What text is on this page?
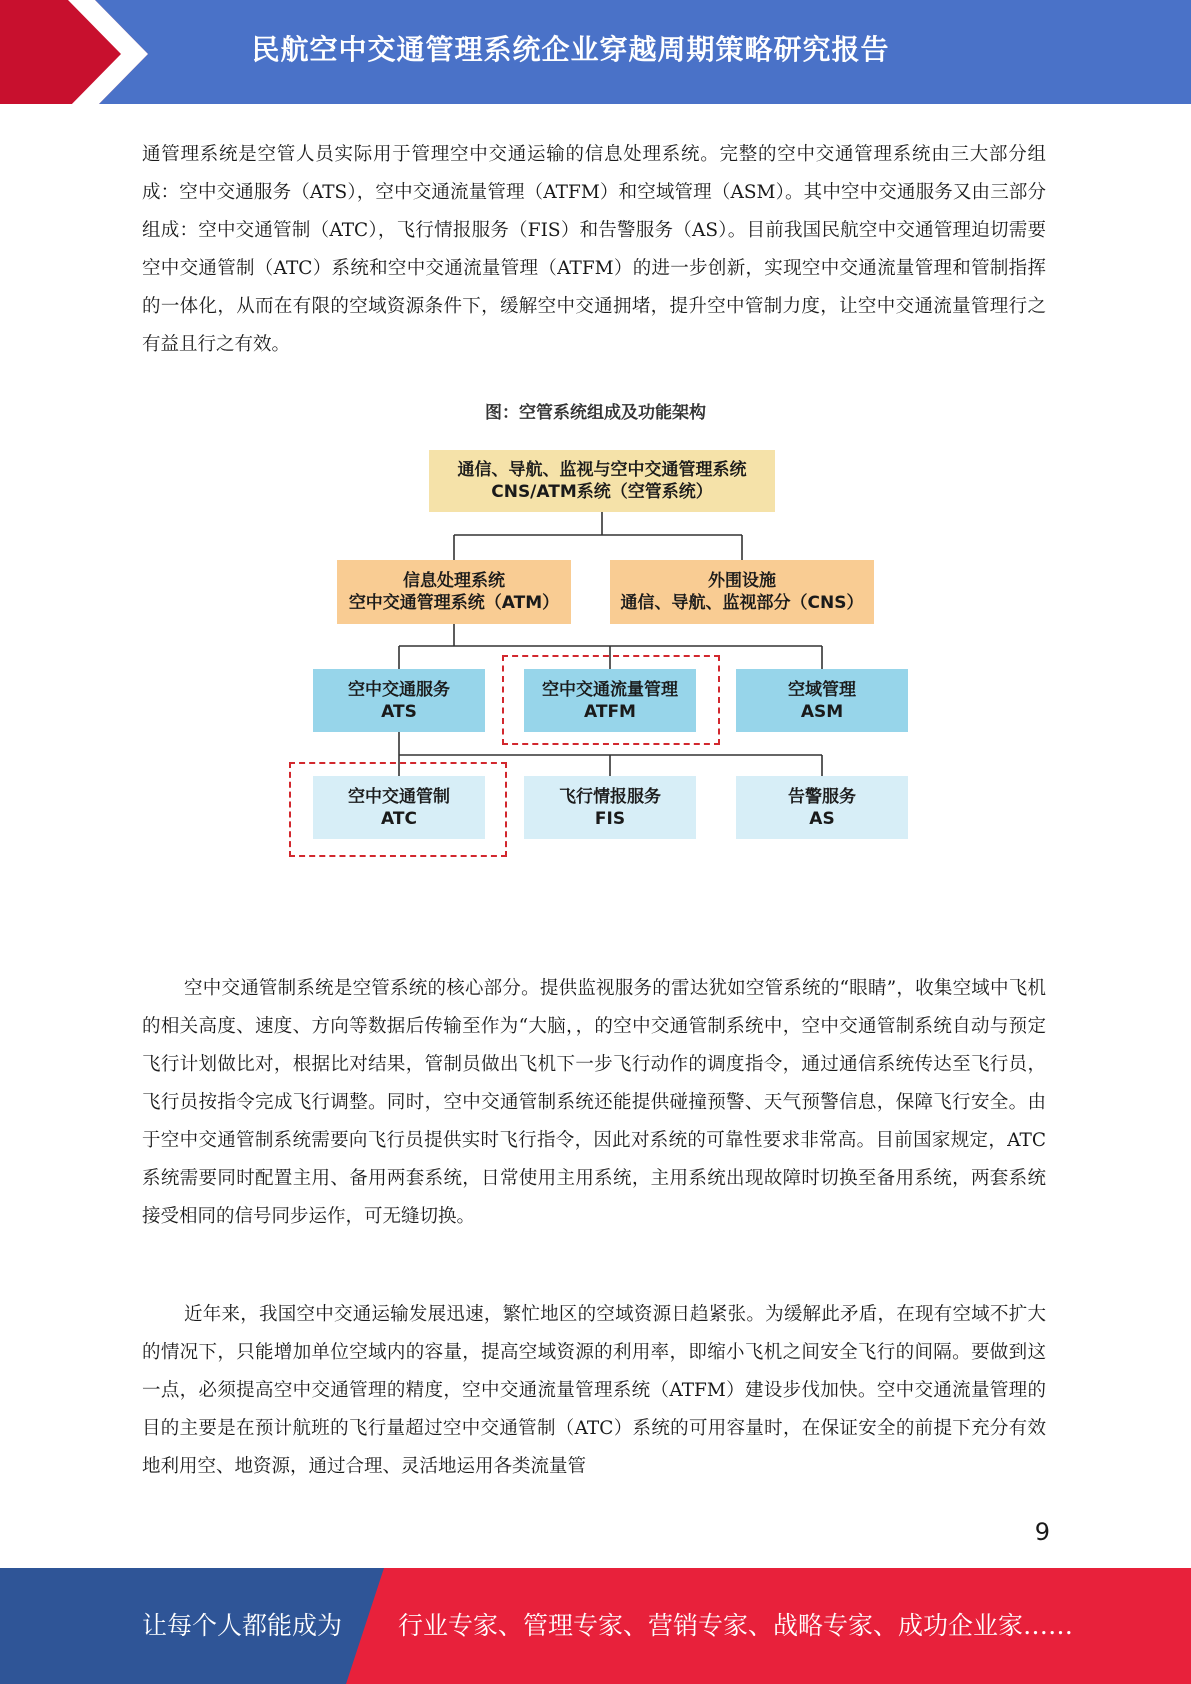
民航空中交通管理系统企业穿越周期策略研究报告

通管理系统是空管人员实际用于管理空中交通运输的信息处理系统。完整的空中交通管理系统由三大部分组成：空中交通服务（ATS），空中交通流量管理（ATFM）和空域管理（ASM）。其中空中交通服务又由三部分组成：空中交通管制（ATC），飞行情报服务（FIS）和告警服务（AS）。目前我国民航空中交通管理迫切需要空中交通管制（ATC）系统和空中交通流量管理（ATFM）的进一步创新，实现空中交通流量管理和管制指挥的一体化，从而在有限的空域资源条件下，缓解空中交通拥堵，提升空中管制力度，让空中交通流量管理行之有益且行之有效。

图：空管系统组成及功能架构
通信、导航、监视与空中交通管理系统
CNS/ATM系统（空管系统）
信息处理系统
空中交通管理系统（ATM）
外围设施
通信、导航、监视部分（CNS）
空中交通服务
ATS
空中交通流量管理
ATFM
空域管理
ASM
空中交通管制
ATC
飞行情报服务
FIS
告警服务
AS

空中交通管制系统是空管系统的核心部分。提供监视服务的雷达犹如空管系统的“眼睛”，收集空域中飞机的相关高度、速度、方向等数据后传输至作为“大脑，，的空中交通管制系统中，空中交通管制系统自动与预定飞行计划做比对，根据比对结果，管制员做出飞机下一步飞行动作的调度指令，通过通信系统传达至飞行员，飞行员按指令完成飞行调整。同时，空中交通管制系统还能提供碰撞预警、天气预警信息，保障飞行安全。由于空中交通管制系统需要向飞行员提供实时飞行指令，因此对系统的可靠性要求非常高。目前国家规定，ATC 系统需要同时配置主用、备用两套系统，日常使用主用系统，主用系统出现故障时切换至备用系统，两套系统接受相同的信号同步运作，可无缝切换。

近年来，我国空中交通运输发展迅速，繁忙地区的空域资源日趋紧张。为缓解此矛盾，在现有空域不扩大的情况下，只能增加单位空域内的容量，提高空域资源的利用率，即缩小飞机之间安全飞行的间隔。要做到这一点，必须提高空中交通管理的精度，空中交通流量管理系统（ATFM）建设步伐加快。空中交通流量管理的目的主要是在预计航班的飞行量超过空中交通管制（ATC）系统的可用容量时，在保证安全的前提下充分有效地利用空、地资源，通过合理、灵活地运用各类流量管

9
让每个人都能成为 行业专家、管理专家、营销专家、战略专家、成功企业家……
